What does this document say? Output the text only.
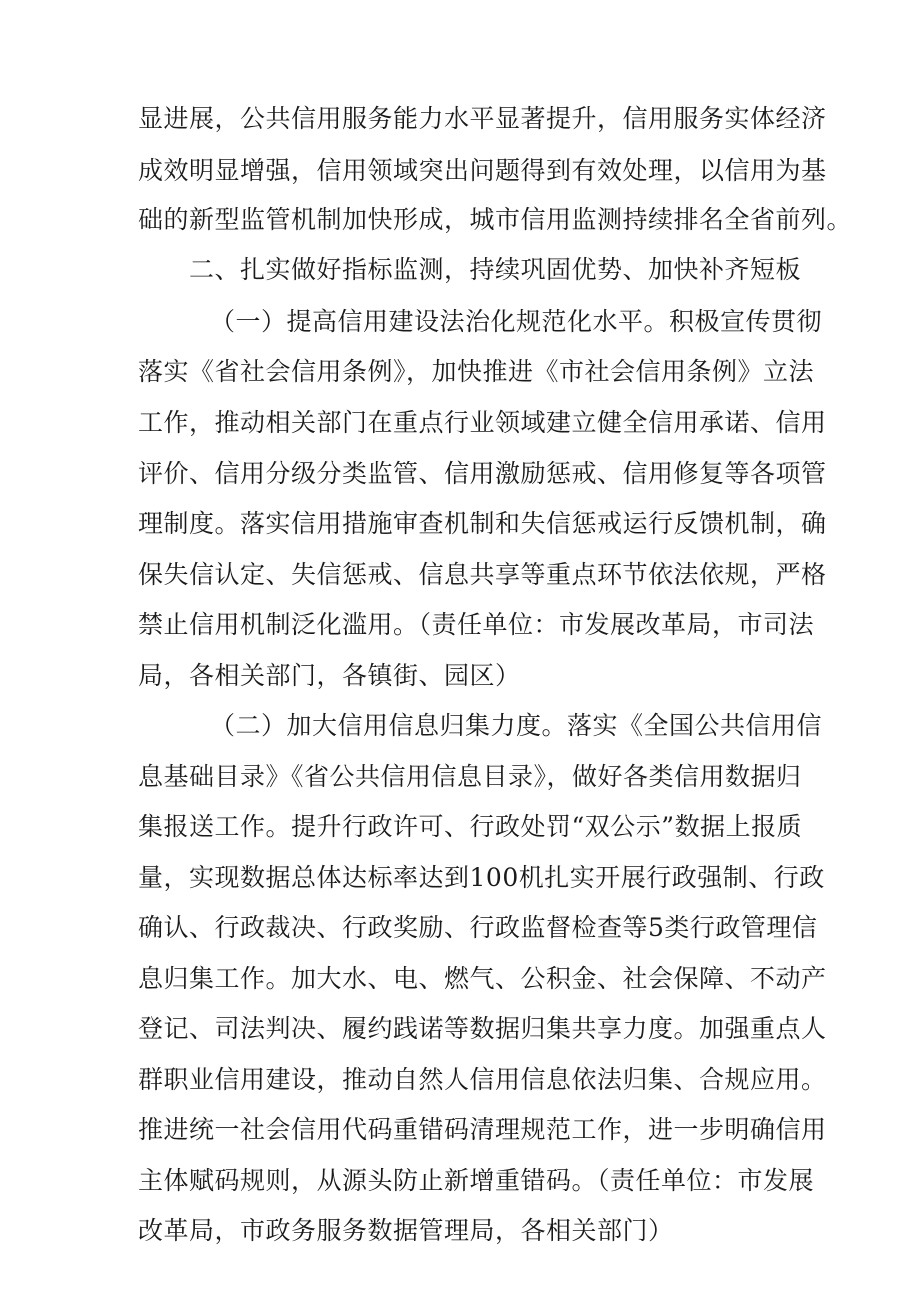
显进展，公共信用服务能力水平显著提升，信用服务实体经济
成效明显增强，信用领域突出问题得到有效处理，以信用为基
础的新型监管机制加快形成，城市信用监测持续排名全省前列。
二、扎实做好指标监测，持续巩固优势、加快补齐短板
（一）提高信用建设法治化规范化水平。积极宣传贯彻
落实《省社会信用条例》，加快推进《市社会信用条例》立法
工作，推动相关部门在重点行业领域建立健全信用承诺、信用
评价、信用分级分类监管、信用激励惩戒、信用修复等各项管
理制度。落实信用措施审查机制和失信惩戒运行反馈机制，确
保失信认定、失信惩戒、信息共享等重点环节依法依规，严格
禁止信用机制泛化滥用。（责任单位：市发展改革局，市司法
局，各相关部门，各镇街、园区）
（二）加大信用信息归集力度。落实《全国公共信用信
息基础目录》《省公共信用信息目录》，做好各类信用数据归
集报送工作。提升行政许可、行政处罚“双公示”数据上报质
量，实现数据总体达标率达到100机扎实开展行政强制、行政
确认、行政裁决、行政奖励、行政监督检查等5类行政管理信
息归集工作。加大水、电、燃气、公积金、社会保障、不动产
登记、司法判决、履约践诺等数据归集共享力度。加强重点人
群职业信用建设，推动自然人信用信息依法归集、合规应用。
推进统一社会信用代码重错码清理规范工作，进一步明确信用
主体赋码规则，从源头防止新增重错码。（责任单位：市发展
改革局，市政务服务数据管理局，各相关部门）
